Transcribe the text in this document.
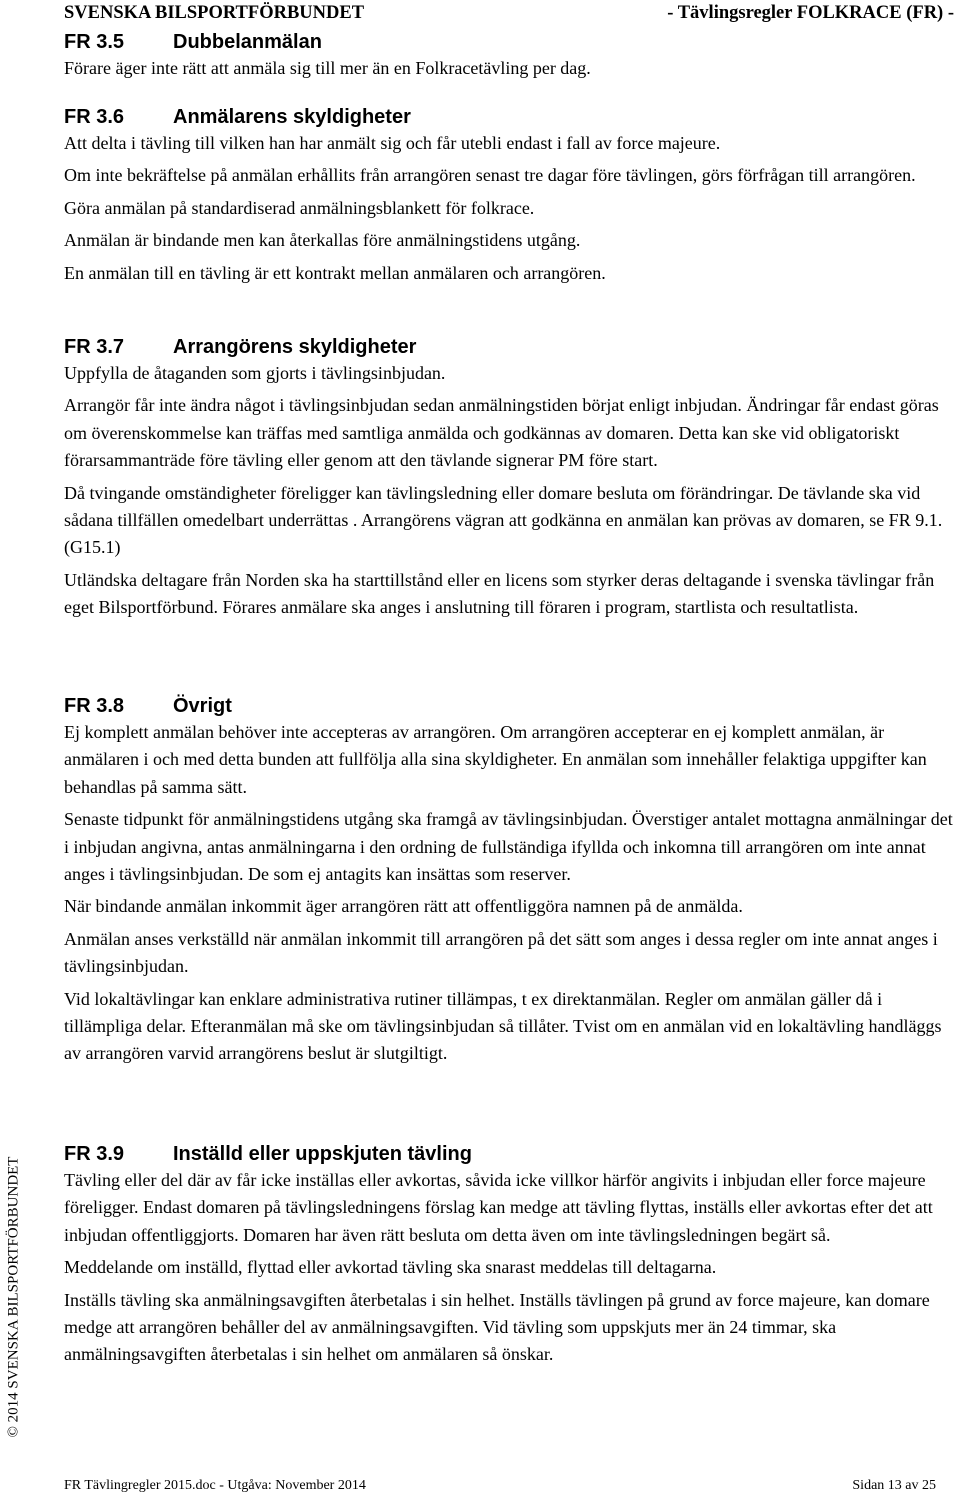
SVENSKA BILSPORTFÖRBUNDET	- Tävlingsregler FOLKRACE (FR) -
FR 3.5 Dubbelanmälan

Förare äger inte rätt att anmäla sig till mer än en Folkracetävling per dag.

FR 3.6 Anmälarens skyldigheter

Att delta i tävling till vilken han har anmält sig och får utebli endast i fall av force majeure.

Om inte bekräftelse på anmälan erhållits från arrangören senast tre dagar före tävlingen, görs förfrågan till arrangören.

Göra anmälan på standardiserad anmälningsblankett för folkrace.

Anmälan är bindande men kan återkallas före anmälningstidens utgång.

En anmälan till en tävling är ett kontrakt mellan anmälaren och arrangören.

FR 3.7 Arrangörens skyldigheter

Uppfylla de åtaganden som gjorts i tävlingsinbjudan.

Arrangör får inte ändra något i tävlingsinbjudan sedan anmälningstiden börjat enligt inbjudan. Ändringar får endast göras om överenskommelse kan träffas med samtliga anmälda och godkännas av domaren. Detta kan ske vid obligatoriskt förarsammanträde före tävling eller genom att den tävlande signerar PM före start.

Då tvingande omständigheter föreligger kan tävlingsledning eller domare besluta om förändringar. De tävlande ska vid sådana tillfällen omedelbart underrättas . Arrangörens vägran att godkänna en anmälan kan prövas av domaren, se FR 9.1. (G15.1)

Utländska deltagare från Norden ska ha starttillstånd eller en licens som styrker deras deltagande i svenska tävlingar från eget Bilsportförbund. Förares anmälare ska anges i anslutning till föraren i program, startlista och resultatlista.

FR 3.8 Övrigt

Ej komplett anmälan behöver inte accepteras av arrangören. Om arrangören accepterar en ej komplett anmälan, är anmälaren i och med detta bunden att fullfölja alla sina skyldigheter. En anmälan som innehåller felaktiga uppgifter kan behandlas på samma sätt.

Senaste tidpunkt för anmälningstidens utgång ska framgå av tävlingsinbjudan. Överstiger antalet mottagna anmälningar det i inbjudan angivna, antas anmälningarna i den ordning de fullständiga ifyllda och inkomna till arrangören om inte annat anges i tävlingsinbjudan. De som ej antagits kan insättas som reserver.

När bindande anmälan inkommit äger arrangören rätt att offentliggöra namnen på de anmälda.

Anmälan anses verkställd när anmälan inkommit till arrangören på det sätt som anges i dessa regler om inte annat anges i tävlingsinbjudan.

Vid lokaltävlingar kan enklare administrativa rutiner tillämpas, t ex direktanmälan. Regler om anmälan gäller då i tillämpliga delar. Efteranmälan må ske om tävlingsinbjudan så tillåter. Tvist om en anmälan vid en lokaltävling handläggs av arrangören varvid arrangörens beslut är slutgiltigt.

FR 3.9 Inställd eller uppskjuten tävling

Tävling eller del där av får icke inställas eller avkortas, såvida icke villkor härför angivits i inbjudan eller force majeure föreligger. Endast domaren på tävlingsledningens förslag kan medge att tävling flyttas, inställs eller avkortas efter det att inbjudan offentliggjorts. Domaren har även rätt besluta om detta även om inte tävlingsledningen begärt så.

Meddelande om inställd, flyttad eller avkortad tävling ska snarast meddelas till deltagarna.

Inställs tävling ska anmälningsavgiften återbetalas i sin helhet. Inställs tävlingen på grund av force majeure, kan domare medge att arrangören behåller del av anmälningsavgiften. Vid tävling som uppskjuts mer än 24 timmar, ska anmälningsavgiften återbetalas i sin helhet om anmälaren så önskar.

© 2014 SVENSKA BILSPORTFÖRBUNDET
FR Tävlingregler 2015.doc - Utgåva: November 2014	Sidan 13 av 25
